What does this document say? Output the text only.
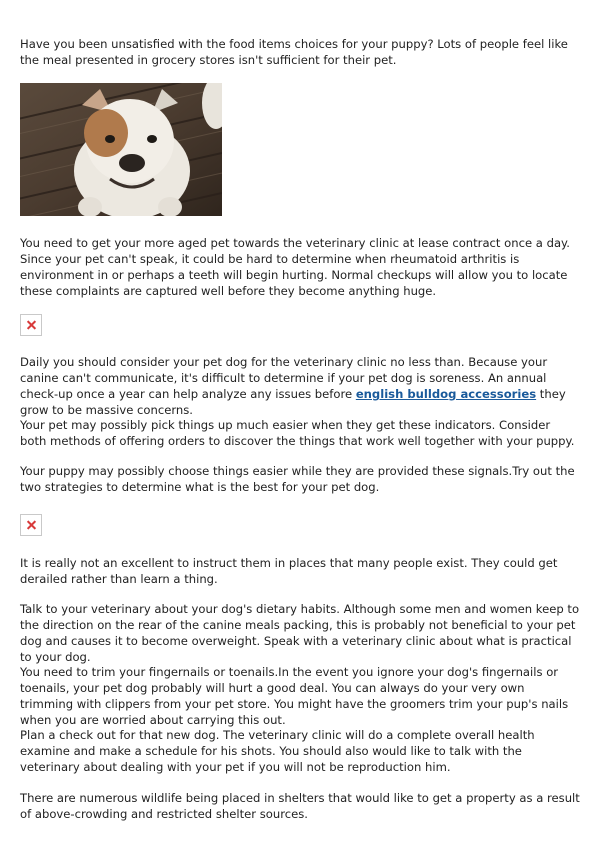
Have you been unsatisfied with the food items choices for your puppy? Lots of people feel like the meal presented in grocery stores isn't sufficient for their pet.

You need to get your more aged pet towards the veterinary clinic at lease contract once a day. Since your pet can't speak, it could be hard to determine when rheumatoid arthritis is environment in or perhaps a teeth will begin hurting. Normal checkups will allow you to locate these complaints are captured well before they become anything huge.

Daily you should consider your pet dog for the veterinary clinic no less than. Because your canine can't communicate, it's difficult to determine if your pet dog is soreness. An annual check-up once a year can help analyze any issues before english bulldog accessories they grow to be massive concerns.

Your pet may possibly pick things up much easier when they get these indicators. Consider both methods of offering orders to discover the things that work well together with your puppy.

Your puppy may possibly choose things easier while they are provided these signals.Try out the two strategies to determine what is the best for your pet dog.

It is really not an excellent to instruct them in places that many people exist. They could get derailed rather than learn a thing.

Talk to your veterinary about your dog's dietary habits. Although some men and women keep to the direction on the rear of the canine meals packing, this is probably not beneficial to your pet dog and causes it to become overweight. Speak with a veterinary clinic about what is practical to your dog.

You need to trim your fingernails or toenails.In the event you ignore your dog's fingernails or toenails, your pet dog probably will hurt a good deal. You can always do your very own trimming with clippers from your pet store. You might have the groomers trim your pup's nails when you are worried about carrying this out.

Plan a check out for that new dog. The veterinary clinic will do a complete overall health examine and make a schedule for his shots. You should also would like to talk with the veterinary about dealing with your pet if you will not be reproduction him.

There are numerous wildlife being placed in shelters that would like to get a property as a result of above-crowding and restricted shelter sources.
